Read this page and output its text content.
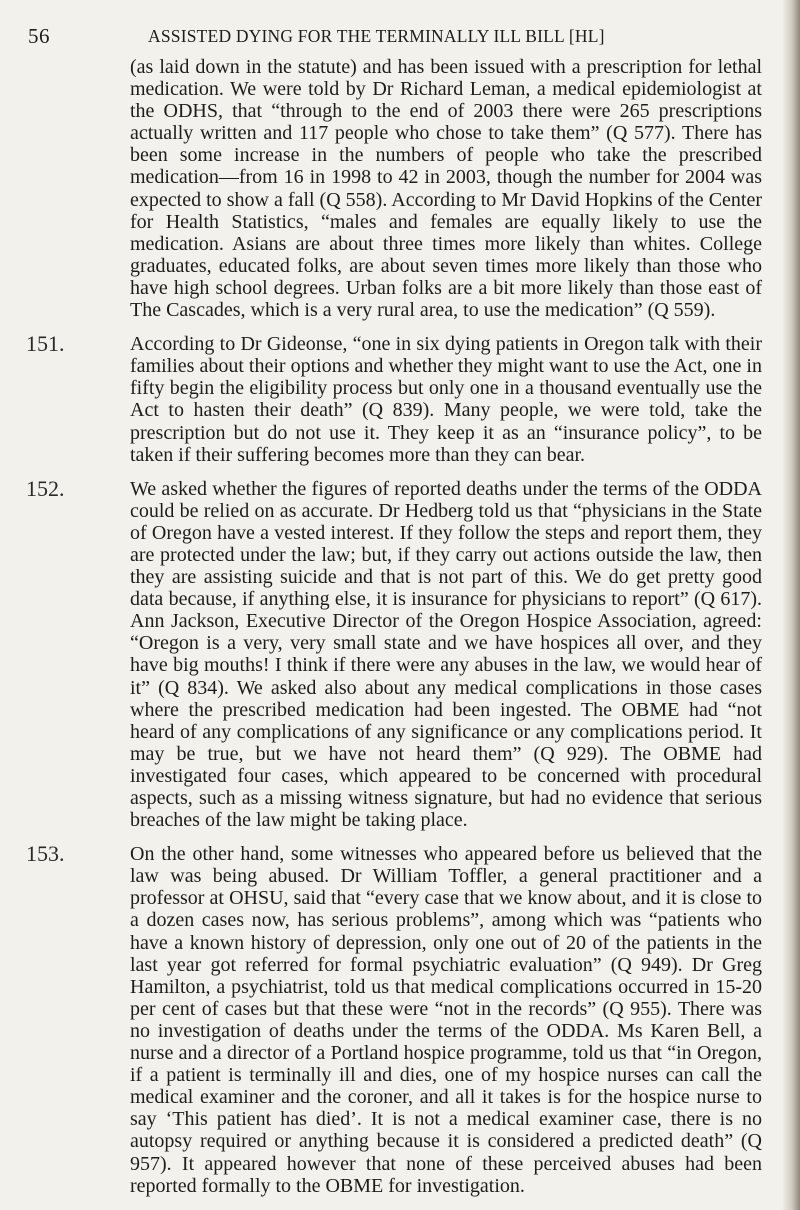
56	ASSISTED DYING FOR THE TERMINALLY ILL BILL [HL]
(as laid down in the statute) and has been issued with a prescription for lethal medication. We were told by Dr Richard Leman, a medical epidemiologist at the ODHS, that “through to the end of 2003 there were 265 prescriptions actually written and 117 people who chose to take them” (Q 577). There has been some increase in the numbers of people who take the prescribed medication—from 16 in 1998 to 42 in 2003, though the number for 2004 was expected to show a fall (Q 558). According to Mr David Hopkins of the Center for Health Statistics, “males and females are equally likely to use the medication. Asians are about three times more likely than whites. College graduates, educated folks, are about seven times more likely than those who have high school degrees. Urban folks are a bit more likely than those east of The Cascades, which is a very rural area, to use the medication” (Q 559).
151.	According to Dr Gideonse, “one in six dying patients in Oregon talk with their families about their options and whether they might want to use the Act, one in fifty begin the eligibility process but only one in a thousand eventually use the Act to hasten their death” (Q 839). Many people, we were told, take the prescription but do not use it. They keep it as an “insurance policy”, to be taken if their suffering becomes more than they can bear.
152.	We asked whether the figures of reported deaths under the terms of the ODDA could be relied on as accurate. Dr Hedberg told us that “physicians in the State of Oregon have a vested interest. If they follow the steps and report them, they are protected under the law; but, if they carry out actions outside the law, then they are assisting suicide and that is not part of this. We do get pretty good data because, if anything else, it is insurance for physicians to report” (Q 617). Ann Jackson, Executive Director of the Oregon Hospice Association, agreed: “Oregon is a very, very small state and we have hospices all over, and they have big mouths! I think if there were any abuses in the law, we would hear of it” (Q 834). We asked also about any medical complications in those cases where the prescribed medication had been ingested. The OBME had “not heard of any complications of any significance or any complications period. It may be true, but we have not heard them” (Q 929). The OBME had investigated four cases, which appeared to be concerned with procedural aspects, such as a missing witness signature, but had no evidence that serious breaches of the law might be taking place.
153.	On the other hand, some witnesses who appeared before us believed that the law was being abused. Dr William Toffler, a general practitioner and a professor at OHSU, said that “every case that we know about, and it is close to a dozen cases now, has serious problems”, among which was “patients who have a known history of depression, only one out of 20 of the patients in the last year got referred for formal psychiatric evaluation” (Q 949). Dr Greg Hamilton, a psychiatrist, told us that medical complications occurred in 15-20 per cent of cases but that these were “not in the records” (Q 955). There was no investigation of deaths under the terms of the ODDA. Ms Karen Bell, a nurse and a director of a Portland hospice programme, told us that “in Oregon, if a patient is terminally ill and dies, one of my hospice nurses can call the medical examiner and the coroner, and all it takes is for the hospice nurse to say ‘This patient has died’. It is not a medical examiner case, there is no autopsy required or anything because it is considered a predicted death” (Q 957). It appeared however that none of these perceived abuses had been reported formally to the OBME for investigation.
